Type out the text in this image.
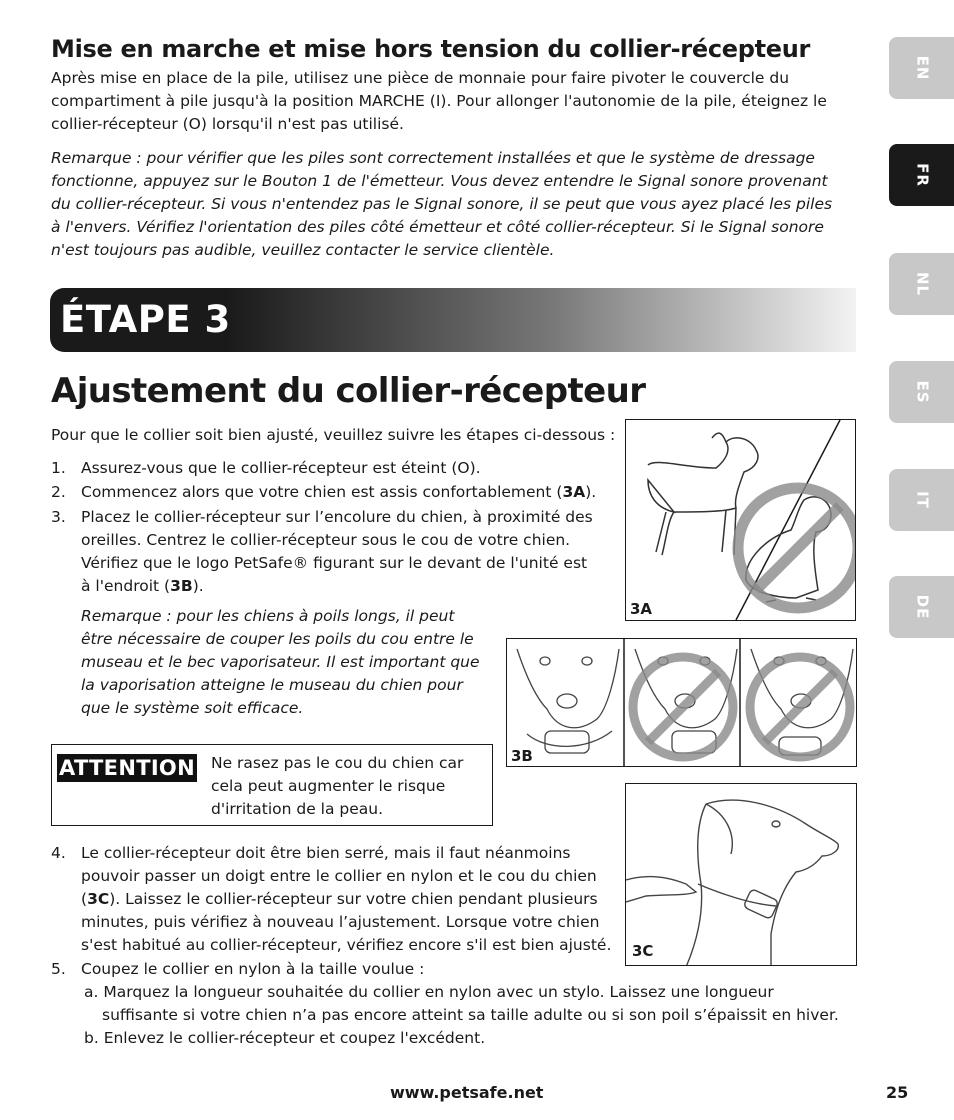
Mise en marche et mise hors tension du collier-récepteur
Après mise en place de la pile, utilisez une pièce de monnaie pour faire pivoter le couvercle du
compartiment à pile jusqu'à la position MARCHE (I). Pour allonger l'autonomie de la pile, éteignez le
collier-récepteur (O) lorsqu'il n'est pas utilisé.
Remarque : pour vérifier que les piles sont correctement installées et que le système de dressage
fonctionne, appuyez sur le Bouton 1 de l'émetteur. Vous devez entendre le Signal sonore provenant
du collier-récepteur. Si vous n'entendez pas le Signal sonore, il se peut que vous ayez placé les piles
à l'envers. Vérifiez l'orientation des piles côté émetteur et côté collier-récepteur. Si le Signal sonore
n'est toujours pas audible, veuillez contacter le service clientèle.
ÉTAPE 3
Ajustement du collier-récepteur
Pour que le collier soit bien ajusté, veuillez suivre les étapes ci-dessous :
1. Assurez-vous que le collier-récepteur est éteint (O).
2. Commencez alors que votre chien est assis confortablement (3A).
3. Placez le collier-récepteur sur l’encolure du chien, à proximité des
oreilles. Centrez le collier-récepteur sous le cou de votre chien.
Vérifiez que le logo PetSafe® figurant sur le devant de l'unité est
à l'endroit (3B).
Remarque : pour les chiens à poils longs, il peut
être nécessaire de couper les poils du cou entre le
museau et le bec vaporisateur. Il est important que
la vaporisation atteigne le museau du chien pour
que le système soit efficace.
ATTENTION Ne rasez pas le cou du chien car
cela peut augmenter le risque
d'irritation de la peau.
4. Le collier-récepteur doit être bien serré, mais il faut néanmoins
pouvoir passer un doigt entre le collier en nylon et le cou du chien
(3C). Laissez le collier-récepteur sur votre chien pendant plusieurs
minutes, puis vérifiez à nouveau l’ajustement. Lorsque votre chien
s'est habitué au collier-récepteur, vérifiez encore s'il est bien ajusté.
5. Coupez le collier en nylon à la taille voulue :
a. Marquez la longueur souhaitée du collier en nylon avec un stylo. Laissez une longueur
suffisante si votre chien n’a pas encore atteint sa taille adulte ou si son poil s’épaissit en hiver.
b. Enlevez le collier-récepteur et coupez l'excédent.
3A
3B
3C
EN
FR
NL
ES
IT
DE
www.petsafe.net	25
